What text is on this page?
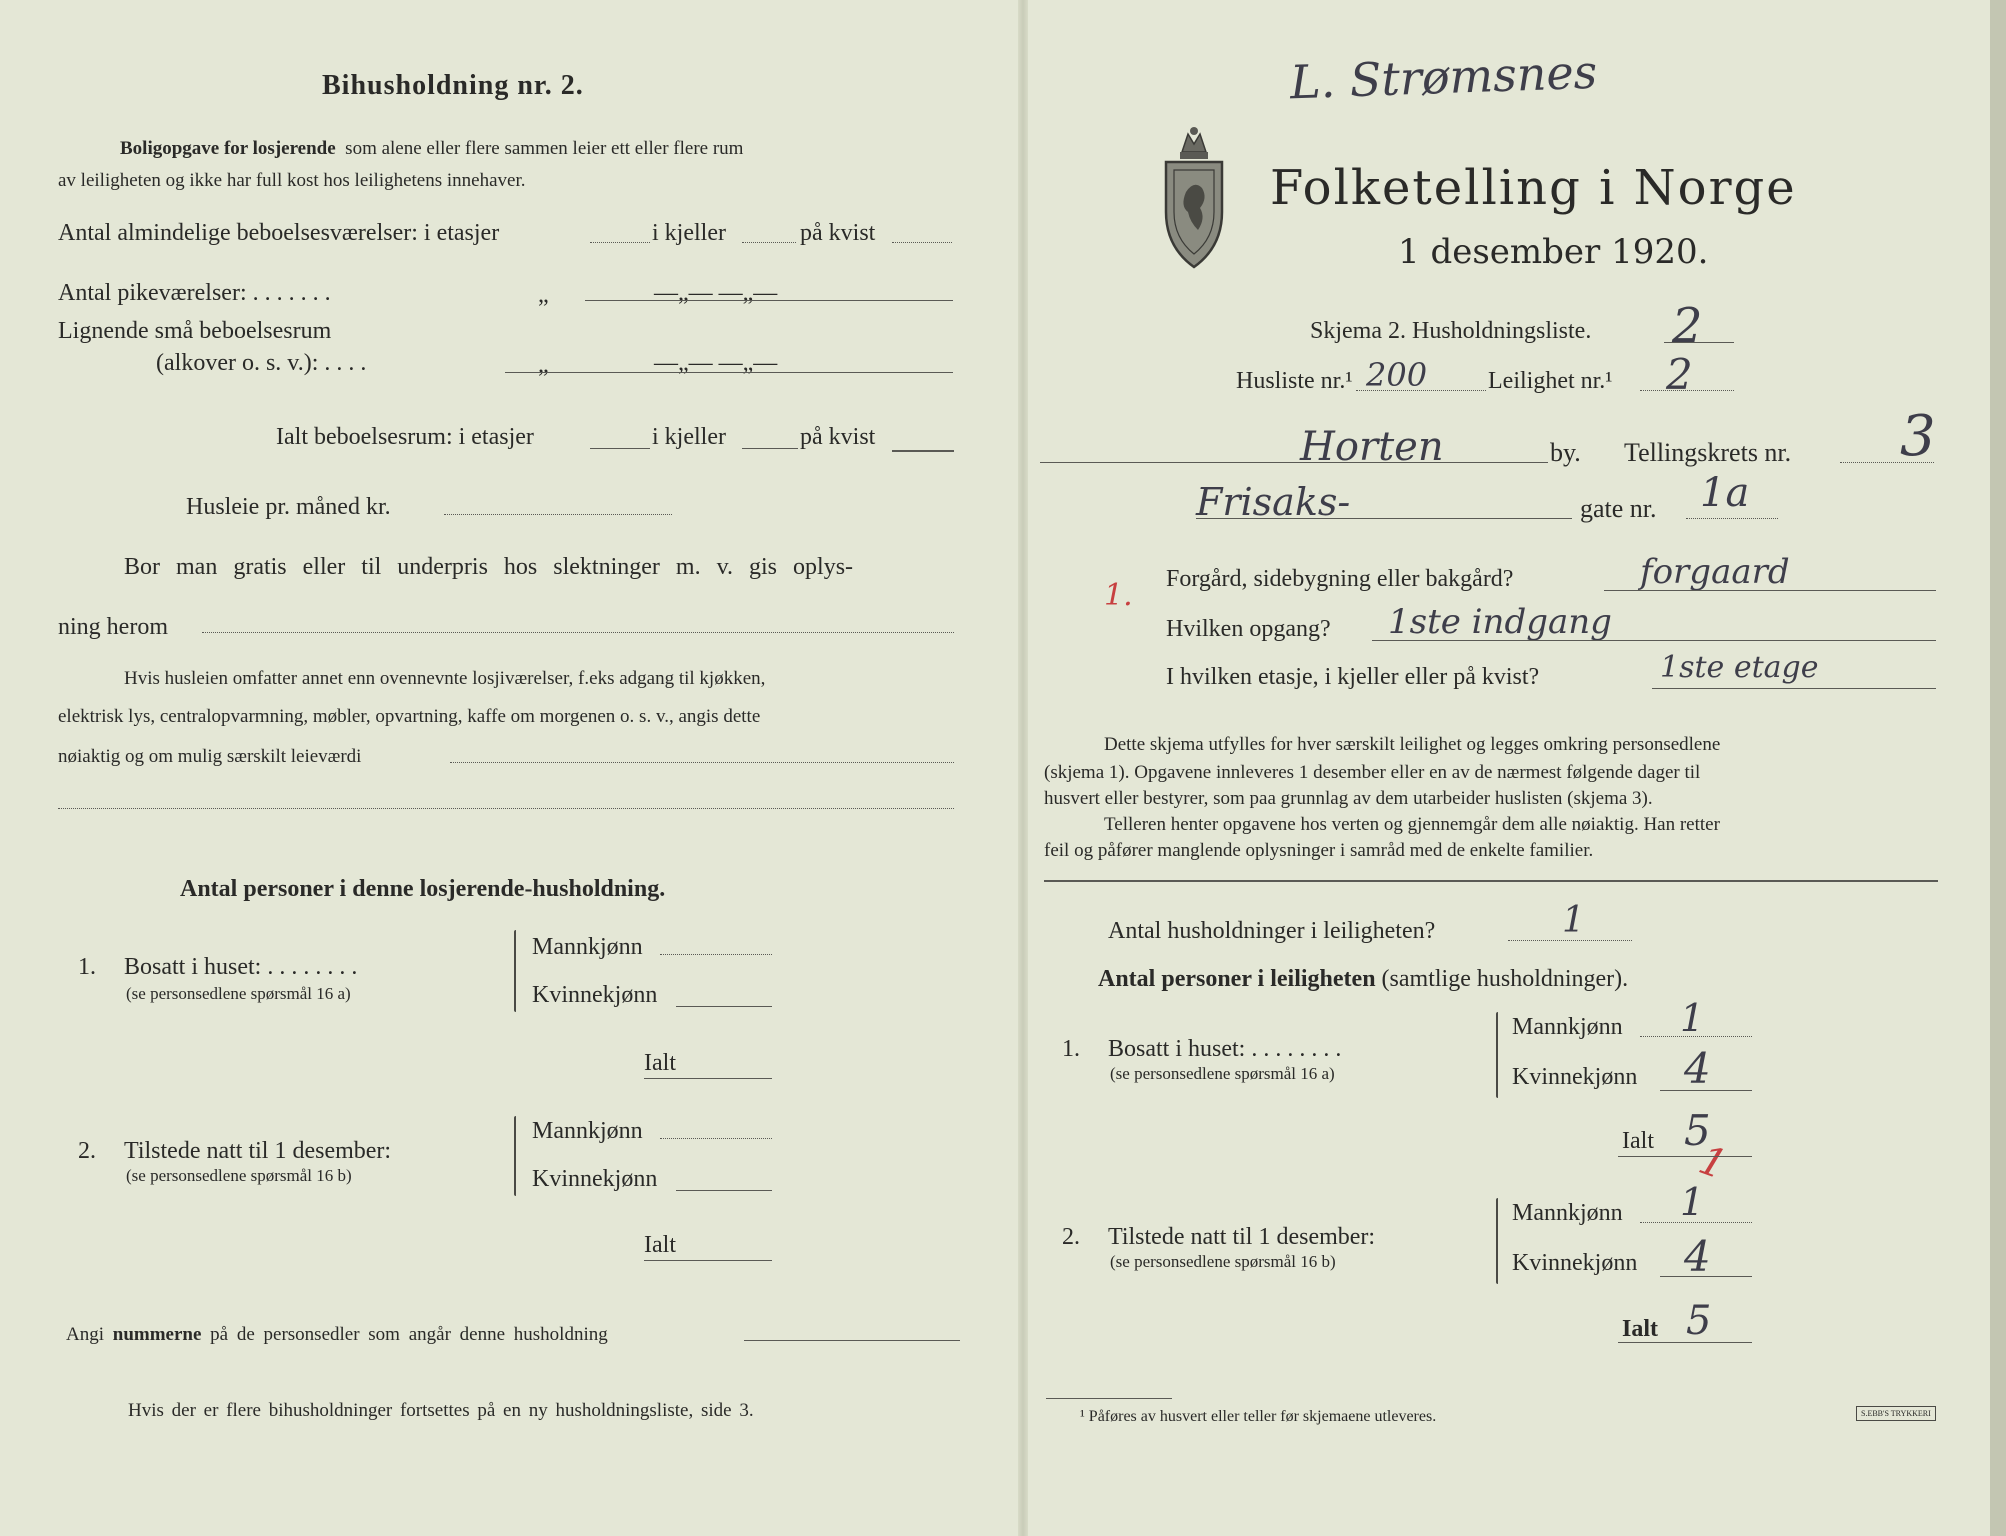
Bihusholdning nr. 2.
Boligopgave for losjerende som alene eller flere sammen leier ett eller flere rum
av leiligheten og ikke har full kost hos leilighetens innehaver.
Antal almindelige beboelsesværelser: i etasjer	i kjeller	på kvist
Antal pikeværelser: . . . . . . .	„	—„— —„—
Lignende små beboelsesrum
(alkover o. s. v.): . . . .	„	—„— —„—
Ialt beboelsesrum: i etasjer	i kjeller	på kvist
Husleie pr. måned kr.
Bor man gratis eller til underpris hos slektninger m. v. gis oplys-
ning herom
Hvis husleien omfatter annet enn ovennevnte losjiværelser, f.eks adgang til kjøkken,
elektrisk lys, centralopvarmning, møbler, opvartning, kaffe om morgenen o. s. v., angis dette
nøiaktig og om mulig særskilt leieværdi
Antal personer i denne losjerende-husholdning.
1. Bosatt i huset: . . . . . . . .
(se personsedlene spørsmål 16 a)
Mannkjønn
Kvinnekjønn
Ialt
2. Tilstede natt til 1 desember:
(se personsedlene spørsmål 16 b)
Mannkjønn
Kvinnekjønn
Ialt
Angi nummerne på de personsedler som angår denne husholdning
Hvis der er flere bihusholdninger fortsettes på en ny husholdningsliste, side 3.
L. Strømsnes
Folketelling i Norge
1 desember 1920.
Skjema 2. Husholdningsliste. 2
Husliste nr.¹ 200	Leilighet nr.¹ 2
Horten	by. Tellingskrets nr. 3
Frisaks-	gate nr. 1a
1. Forgård, sidebygning eller bakgård?	forgaard
Hvilken opgang? 1ste indgang
I hvilken etasje, i kjeller eller på kvist?	1ste etage
Dette skjema utfylles for hver særskilt leilighet og legges omkring personsedlene
(skjema 1). Opgavene innleveres 1 desember eller en av de nærmest følgende dager til
husvert eller bestyrer, som paa grunnlag av dem utarbeider huslisten (skjema 3).
Telleren henter opgavene hos verten og gjennemgår dem alle nøiaktig. Han retter
feil og påfører manglende oplysninger i samråd med de enkelte familier.
Antal husholdninger i leiligheten?	1
Antal personer i leiligheten (samtlige husholdninger).
1. Bosatt i huset: . . . . . . . .
(se personsedlene spørsmål 16 a)
Mannkjønn 1
Kvinnekjønn 4
Ialt 5
1
2. Tilstede natt til 1 desember:
(se personsedlene spørsmål 16 b)
Mannkjønn 1
Kvinnekjønn 4
Ialt 5
¹ Påføres av husvert eller teller før skjemaene utleveres.	S.EBB'S TRYKKERI
